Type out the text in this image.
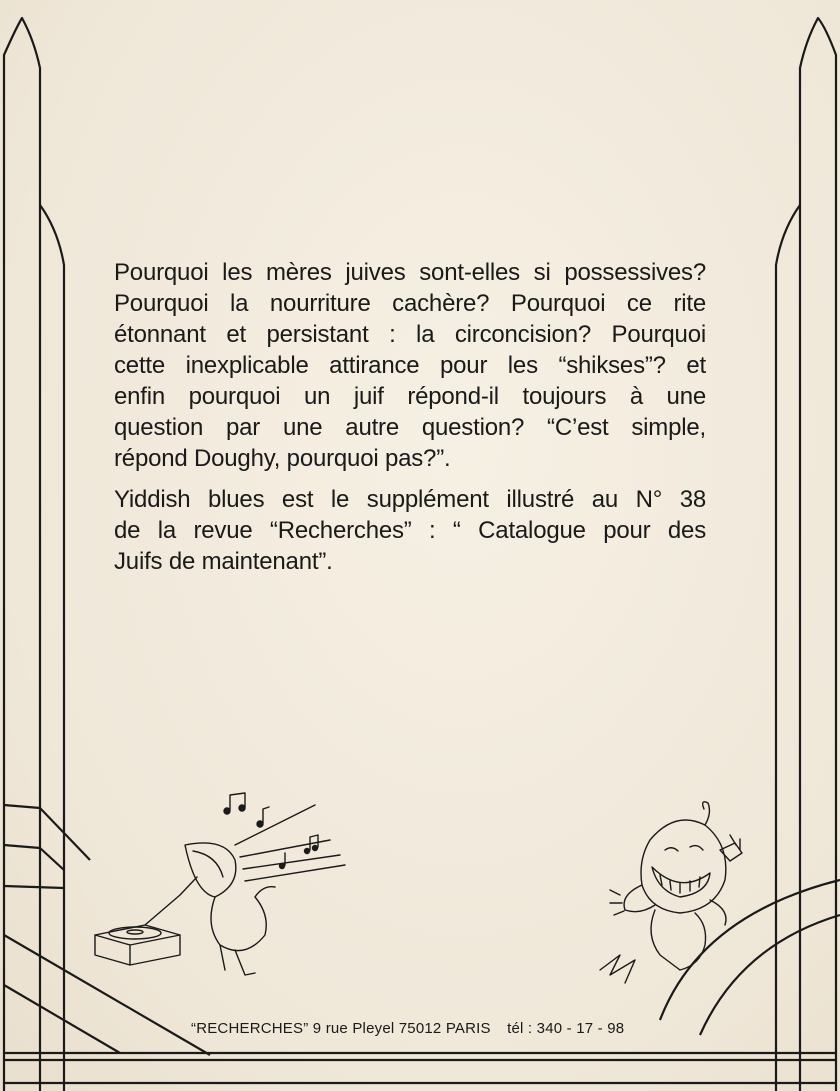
Pourquoi les mères juives sont-elles si possessives?
Pourquoi la nourriture cachère? Pourquoi ce rite
étonnant et persistant : la circoncision? Pourquoi
cette inexplicable attirance pour les “shikses”? et
enfin pourquoi un juif répond-il toujours à une
question par une autre question? “C’est simple,
répond Doughy, pourquoi pas?”.
Yiddish blues est le supplément illustré au N° 38
de la revue “Recherches” : “ Catalogue pour des
Juifs de maintenant”.
“RECHERCHES” 9 rue Pleyel 75012 PARIS tél : 340 - 17 - 98
